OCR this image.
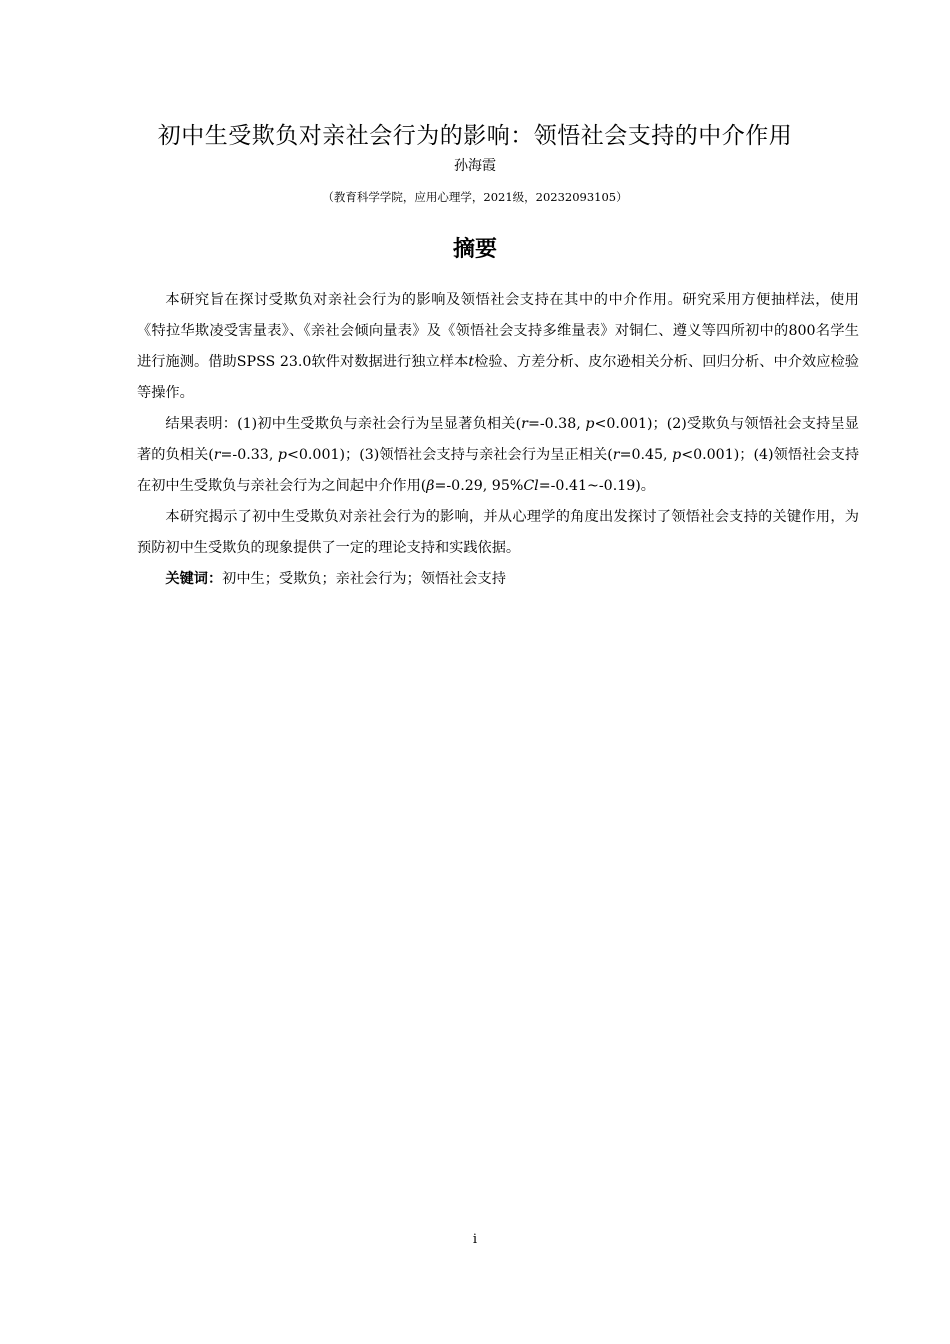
初中生受欺负对亲社会行为的影响：领悟社会支持的中介作用
孙海霞
（教育科学学院，应用心理学，2021级，20232093105）
摘要

本研究旨在探讨受欺负对亲社会行为的影响及领悟社会支持在其中的中介作用。研究采用方便抽样法，使用《特拉华欺凌受害量表》、《亲社会倾向量表》及《领悟社会支持多维量表》对铜仁、遵义等四所初中的800名学生进行施测。借助SPSS 23.0软件对数据进行独立样本t检验、方差分析、皮尔逊相关分析、回归分析、中介效应检验等操作。

结果表明：(1)初中生受欺负与亲社会行为呈显著负相关(r=-0.38, p<0.001)；(2)受欺负与领悟社会支持呈显著的负相关(r=-0.33, p<0.001)；(3)领悟社会支持与亲社会行为呈正相关(r=0.45, p<0.001)；(4)领悟社会支持在初中生受欺负与亲社会行为之间起中介作用(β=-0.29, 95%Cl=-0.41~-0.19)。

本研究揭示了初中生受欺负对亲社会行为的影响，并从心理学的角度出发探讨了领悟社会支持的关键作用，为预防初中生受欺负的现象提供了一定的理论支持和实践依据。

关键词：初中生；受欺负；亲社会行为；领悟社会支持

i
